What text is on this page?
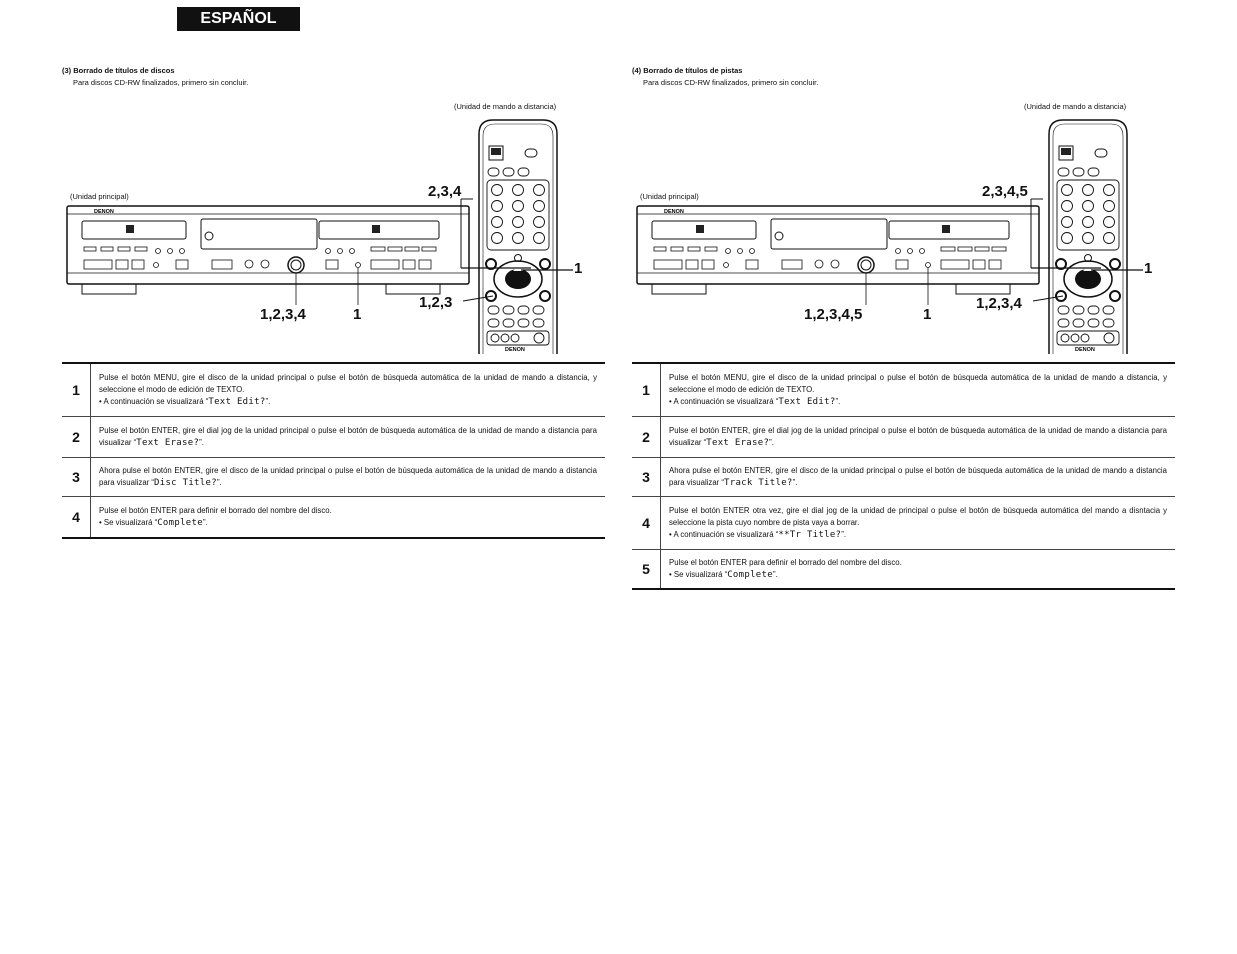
ESPAÑOL
(3) Borrado de títulos de discos
Para discos CD-RW finalizados, primero sin concluir.
(Unidad de mando a distancia)
(Unidad principal)
DENON
DENON
2,3,4
1
1,2,3
1,2,3,4	1
1	Pulse el botón MENU, gire el disco de la unidad principal o pulse el botón de búsqueda automática de la unidad de mando a distancia, y seleccione el modo de edición de TEXTO.
• A continuación se visualizará “Text Edit?”.

2	Pulse el botón ENTER, gire el dial jog de la unidad principal o pulse el botón de búsqueda automática de la unidad de mando a distancia para visualizar “Text Erase?”.
3	Ahora pulse el botón ENTER, gire el disco de la unidad principal o pulse el botón de búsqueda automática de la unidad de mando a distancia para visualizar “Disc Title?”.
4	Pulse el botón ENTER para definir el borrado del nombre del disco.
• Se visualizará “Complete”.
(4) Borrado de títulos de pistas
Para discos CD-RW finalizados, primero sin concluir.
(Unidad de mando a distancia)
(Unidad principal)
DENON
DENON
2,3,4,5
1
1,2,3,4
1,2,3,4,5	1
1	Pulse el botón MENU, gire el disco de la unidad principal o pulse el botón de búsqueda automática de la unidad de mando a distancia, y seleccione el modo de edición de TEXTO.
• A continuación se visualizará “Text Edit?”.

2	Pulse el botón ENTER, gire el dial jog de la unidad principal o pulse el botón de búsqueda automática de la unidad de mando a distancia para visualizar “Text Erase?”.
3	Ahora pulse el botón ENTER, gire el disco de la unidad principal o pulse el botón de búsqueda automática de la unidad de mando a distancia para visualizar “Track Title?”.
4	Pulse el botón ENTER otra vez, gire el dial jog de la unidad de principal o pulse el botón de búsqueda automática del mando a disntacia y seleccione la pista cuyo nombre de pista vaya a borrar.
• A continuación se visualizará “**Tr Title?”.

5	Pulse el botón ENTER para definir el borrado del nombre del disco.
• Se visualizará “Complete”.
